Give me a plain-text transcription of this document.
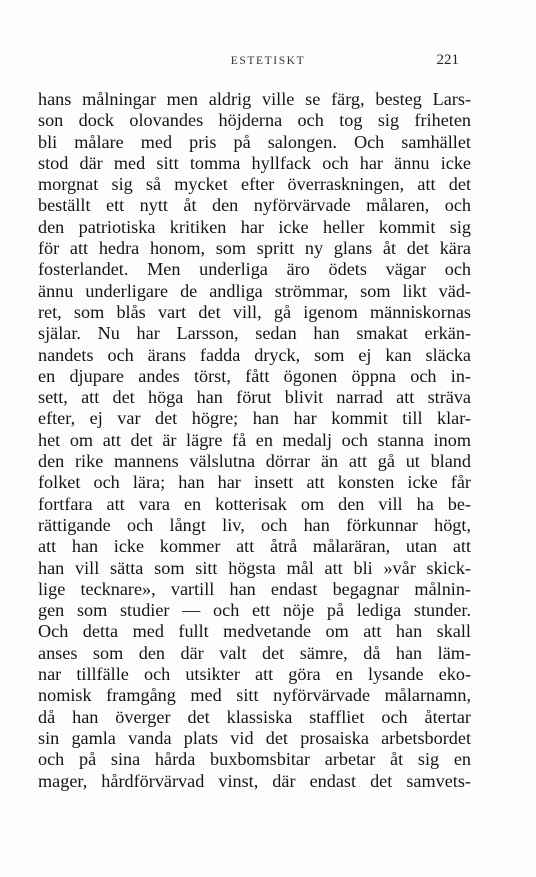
ESTETISKT	221
hans målningar men aldrig ville se färg, besteg Lars-
son dock olovandes höjderna och tog sig friheten
bli målare med pris på salongen. Och samhället
stod där med sitt tomma hyllfack och har ännu icke
morgnat sig så mycket efter överraskningen, att det
beställt ett nytt åt den nyförvärvade målaren, och
den patriotiska kritiken har icke heller kommit sig
för att hedra honom, som spritt ny glans åt det kära
fosterlandet. Men underliga äro ödets vägar och
ännu underligare de andliga strömmar, som likt väd-
ret, som blås vart det vill, gå igenom människornas
själar. Nu har Larsson, sedan han smakat erkän-
nandets och ärans fadda dryck, som ej kan släcka
en djupare andes törst, fått ögonen öppna och in-
sett, att det höga han förut blivit narrad att sträva
efter, ej var det högre; han har kommit till klar-
het om att det är lägre få en medalj och stanna inom
den rike mannens välslutna dörrar än att gå ut bland
folket och lära; han har insett att konsten icke får
fortfara att vara en kotterisak om den vill ha be-
rättigande och långt liv, och han förkunnar högt,
att han icke kommer att åtrå målaräran, utan att
han vill sätta som sitt högsta mål att bli »vår skick-
lige tecknare», vartill han endast begagnar målnin-
gen som studier — och ett nöje på lediga stunder.
Och detta med fullt medvetande om att han skall
anses som den där valt det sämre, då han läm-
nar tillfälle och utsikter att göra en lysande eko-
nomisk framgång med sitt nyförvärvade målarnamn,
då han överger det klassiska staffliet och återtar
sin gamla vanda plats vid det prosaiska arbetsbordet
och på sina hårda buxbomsbitar arbetar åt sig en
mager, hårdförvärvad vinst, där endast det samvets-
